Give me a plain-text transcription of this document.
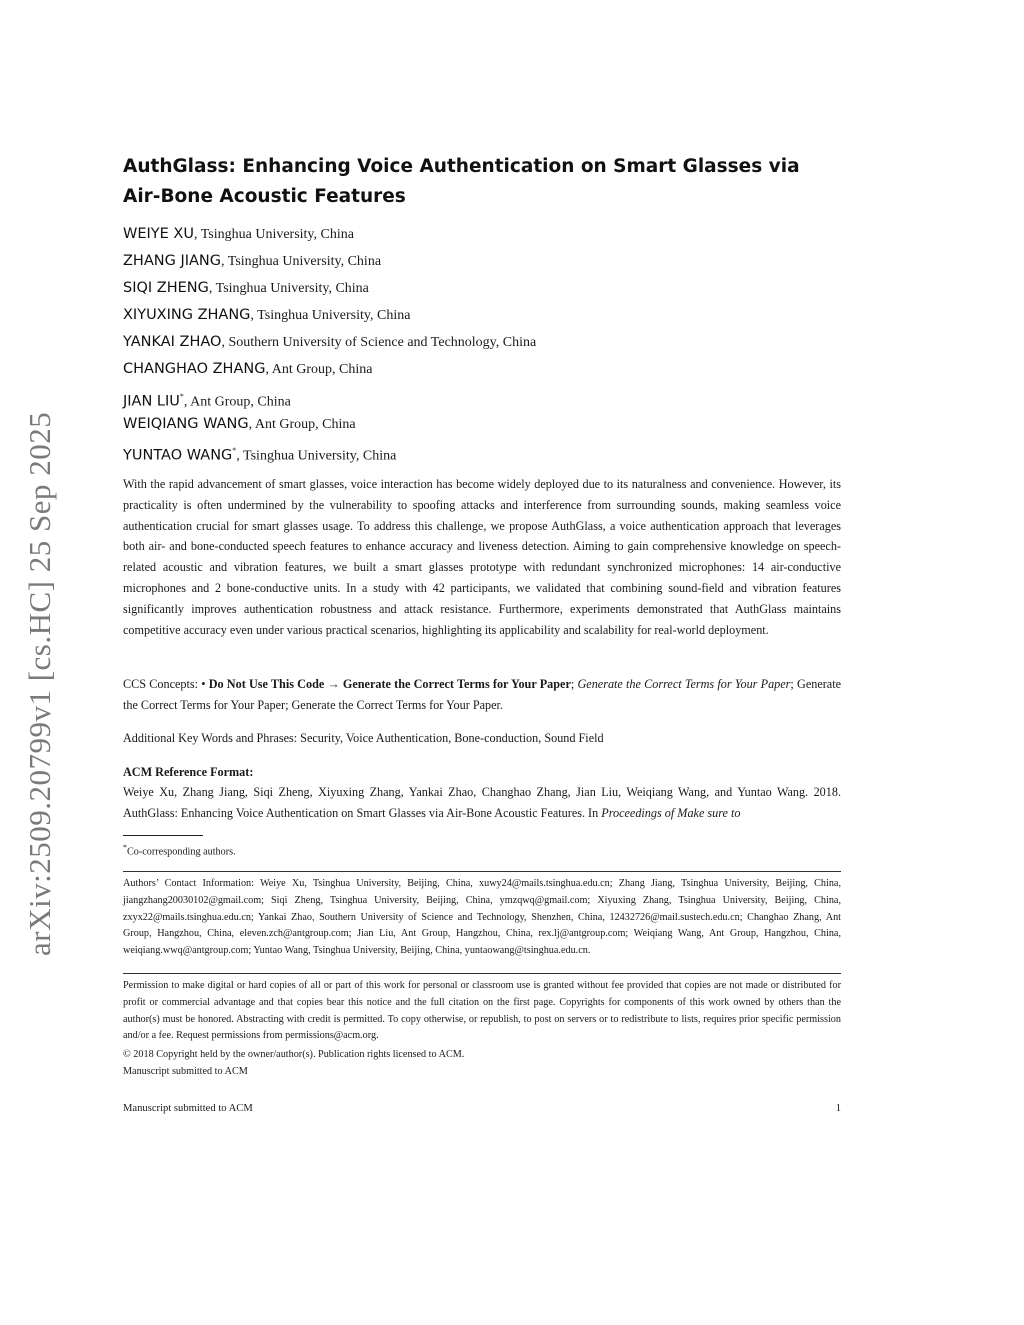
arXiv:2509.20799v1 [cs.HC] 25 Sep 2025
AuthGlass: Enhancing Voice Authentication on Smart Glasses via Air-Bone Acoustic Features
WEIYE XU, Tsinghua University, China
ZHANG JIANG, Tsinghua University, China
SIQI ZHENG, Tsinghua University, China
XIYUXING ZHANG, Tsinghua University, China
YANKAI ZHAO, Southern University of Science and Technology, China
CHANGHAO ZHANG, Ant Group, China
JIAN LIU*, Ant Group, China
WEIQIANG WANG, Ant Group, China
YUNTAO WANG*, Tsinghua University, China

With the rapid advancement of smart glasses, voice interaction has become widely deployed due to its naturalness and convenience. However, its practicality is often undermined by the vulnerability to spoofing attacks and interference from surrounding sounds, making seamless voice authentication crucial for smart glasses usage. To address this challenge, we propose AuthGlass, a voice authentication approach that leverages both air- and bone-conducted speech features to enhance accuracy and liveness detection. Aiming to gain comprehensive knowledge on speech-related acoustic and vibration features, we built a smart glasses prototype with redundant synchronized microphones: 14 air-conductive microphones and 2 bone-conductive units. In a study with 42 participants, we validated that combining sound-field and vibration features significantly improves authentication robustness and attack resistance. Furthermore, experiments demonstrated that AuthGlass maintains competitive accuracy even under various practical scenarios, highlighting its applicability and scalability for real-world deployment.

CCS Concepts: • Do Not Use This Code → Generate the Correct Terms for Your Paper; Generate the Correct Terms for Your Paper; Generate the Correct Terms for Your Paper; Generate the Correct Terms for Your Paper.

Additional Key Words and Phrases: Security, Voice Authentication, Bone-conduction, Sound Field

ACM Reference Format:

Weiye Xu, Zhang Jiang, Siqi Zheng, Xiyuxing Zhang, Yankai Zhao, Changhao Zhang, Jian Liu, Weiqiang Wang, and Yuntao Wang. 2018. AuthGlass: Enhancing Voice Authentication on Smart Glasses via Air-Bone Acoustic Features. In Proceedings of Make sure to

*Co-corresponding authors.

Authors’ Contact Information: Weiye Xu, Tsinghua University, Beijing, China, xuwy24@mails.tsinghua.edu.cn; Zhang Jiang, Tsinghua University, Beijing, China, jiangzhang20030102@gmail.com; Siqi Zheng, Tsinghua University, Beijing, China, ymzqwq@gmail.com; Xiyuxing Zhang, Tsinghua University, Beijing, China, zxyx22@mails.tsinghua.edu.cn; Yankai Zhao, Southern University of Science and Technology, Shenzhen, China, 12432726@mail.sustech.edu.cn; Changhao Zhang, Ant Group, Hangzhou, China, eleven.zch@antgroup.com; Jian Liu, Ant Group, Hangzhou, China, rex.lj@antgroup.com; Weiqiang Wang, Ant Group, Hangzhou, China, weiqiang.wwq@antgroup.com; Yuntao Wang, Tsinghua University, Beijing, China, yuntaowang@tsinghua.edu.cn.

Permission to make digital or hard copies of all or part of this work for personal or classroom use is granted without fee provided that copies are not made or distributed for profit or commercial advantage and that copies bear this notice and the full citation on the first page. Copyrights for components of this work owned by others than the author(s) must be honored. Abstracting with credit is permitted. To copy otherwise, or republish, to post on servers or to redistribute to lists, requires prior specific permission and/or a fee. Request permissions from permissions@acm.org.

© 2018 Copyright held by the owner/author(s). Publication rights licensed to ACM.

Manuscript submitted to ACM

Manuscript submitted to ACM	1
